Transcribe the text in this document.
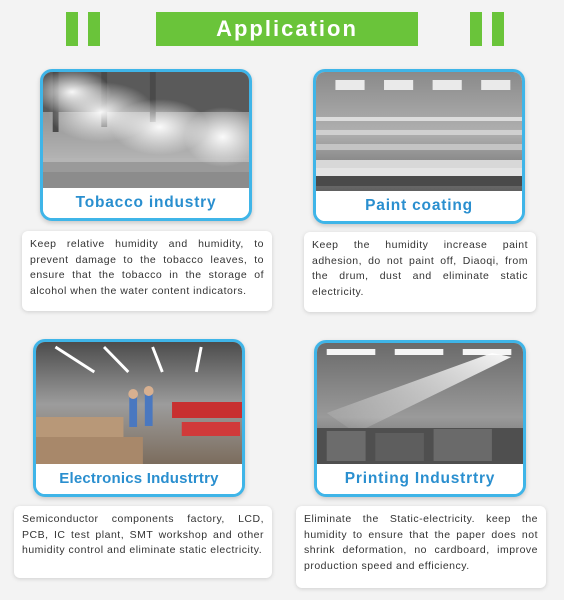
Application
Tobacco industry	Paint coating
Electronics Industrtry	Printing Industrtry
Keep relative humidity and humidity, to prevent damage to the tobacco leaves, to ensure that the tobacco in the storage of alcohol when the water content indicators.
Keep the humidity increase paint adhesion, do not paint off, Diaoqi, from the drum, dust and eliminate static electricity.
Semiconductor components factory, LCD, PCB, IC test plant, SMT workshop and other humidity control and eliminate static electricity.
Eliminate the Static-electricity. keep the humidity to ensure that the paper does not shrink deformation, no cardboard, improve production speed and efficiency.
